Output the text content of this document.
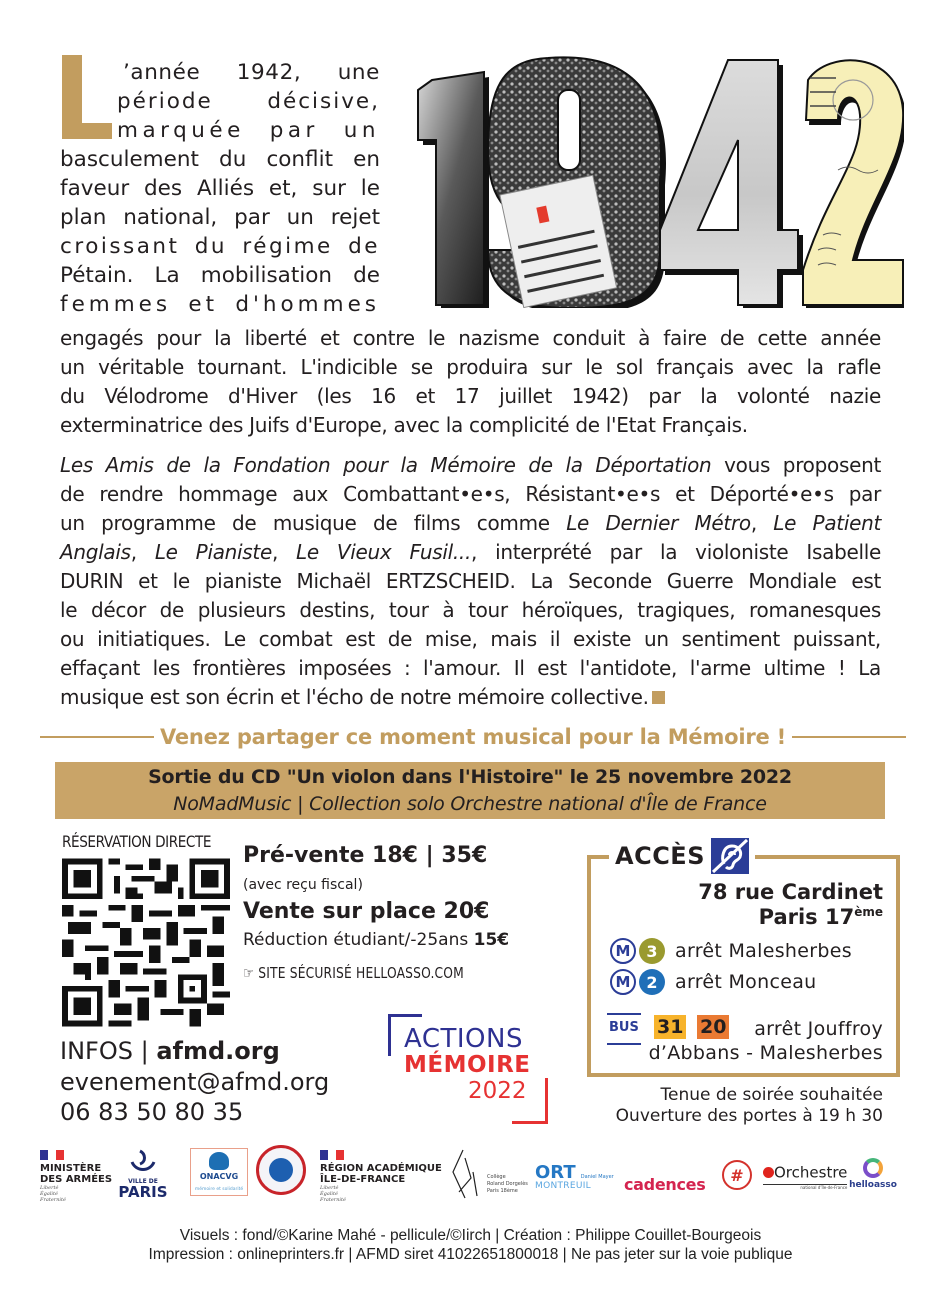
’année 1942, une
période décisive,
marquée par un
basculement du conflit en
faveur des Alliés et, sur le
plan national, par un rejet
croissant du régime de
Pétain. La mobilisation de
femmes et d'hommes
engagés pour la liberté et contre le nazisme conduit à faire de cette année
un véritable tournant. L'indicible se produira sur le sol français avec la rafle
du Vélodrome d'Hiver (les 16 et 17 juillet 1942) par la volonté nazie
exterminatrice des Juifs d'Europe, avec la complicité de l'Etat Français.
Les Amis de la Fondation pour la Mémoire de la Déportation vous proposent
de rendre hommage aux Combattant•e•s, Résistant•e•s et Déporté•e•s par
un programme de musique de films comme Le Dernier Métro, Le Patient
Anglais, Le Pianiste, Le Vieux Fusil..., interprété par la violoniste Isabelle
DURIN et le pianiste Michaël ERTZSCHEID. La Seconde Guerre Mondiale est
le décor de plusieurs destins, tour à tour héroïques, tragiques, romanesques
ou initiatiques. Le combat est de mise, mais il existe un sentiment puissant,
effaçant les frontières imposées : l'amour. Il est l'antidote, l'arme ultime ! La
musique est son écrin et l'écho de notre mémoire collective.
Venez partager ce moment musical pour la Mémoire !
Sortie du CD "Un violon dans l'Histoire" le 25 novembre 2022
NoMadMusic | Collection solo Orchestre national d'Île de France
RÉSERVATION DIRECTE
Pré-vente 18€ | 35€
(avec reçu fiscal)
Vente sur place 20€
Réduction étudiant/-25ans 15€
☞ SITE SÉCURISÉ HELLOASSO.COM
INFOS | afmd.org
evenement@afmd.org
06 83 50 80 35
ACTIONS
MÉMOIRE
2022
ACCÈS
78 rue Cardinet
Paris 17ème
M 3 arrêt Malesherbes
M 2 arrêt Monceau
BUS 31 20 arrêt Jouffroy
d’Abbans - Malesherbes
Tenue de soirée souhaitée
Ouverture des portes à 19 h 30
MINISTÈRE
DES ARMÉES
Liberté
Égalité
Fraternité
VILLE DE
PARIS
ONACVG
mémoire et solidarité
RÉGION ACADÉMIQUE
ÎLE-DE-FRANCE
Liberté
Égalité
Fraternité
Collège
Roland Dorgelès
Paris 18ème
ORT Daniel Mayer
MONTREUIL	cadences	#	Orchestre
national d'Île-de-France helloasso
Visuels : fond/©Karine Mahé - pellicule/©Iirch | Création : Philippe Couillet-Bourgeois
Impression : onlineprinters.fr | AFMD siret 41022651800018 | Ne pas jeter sur la voie publique
